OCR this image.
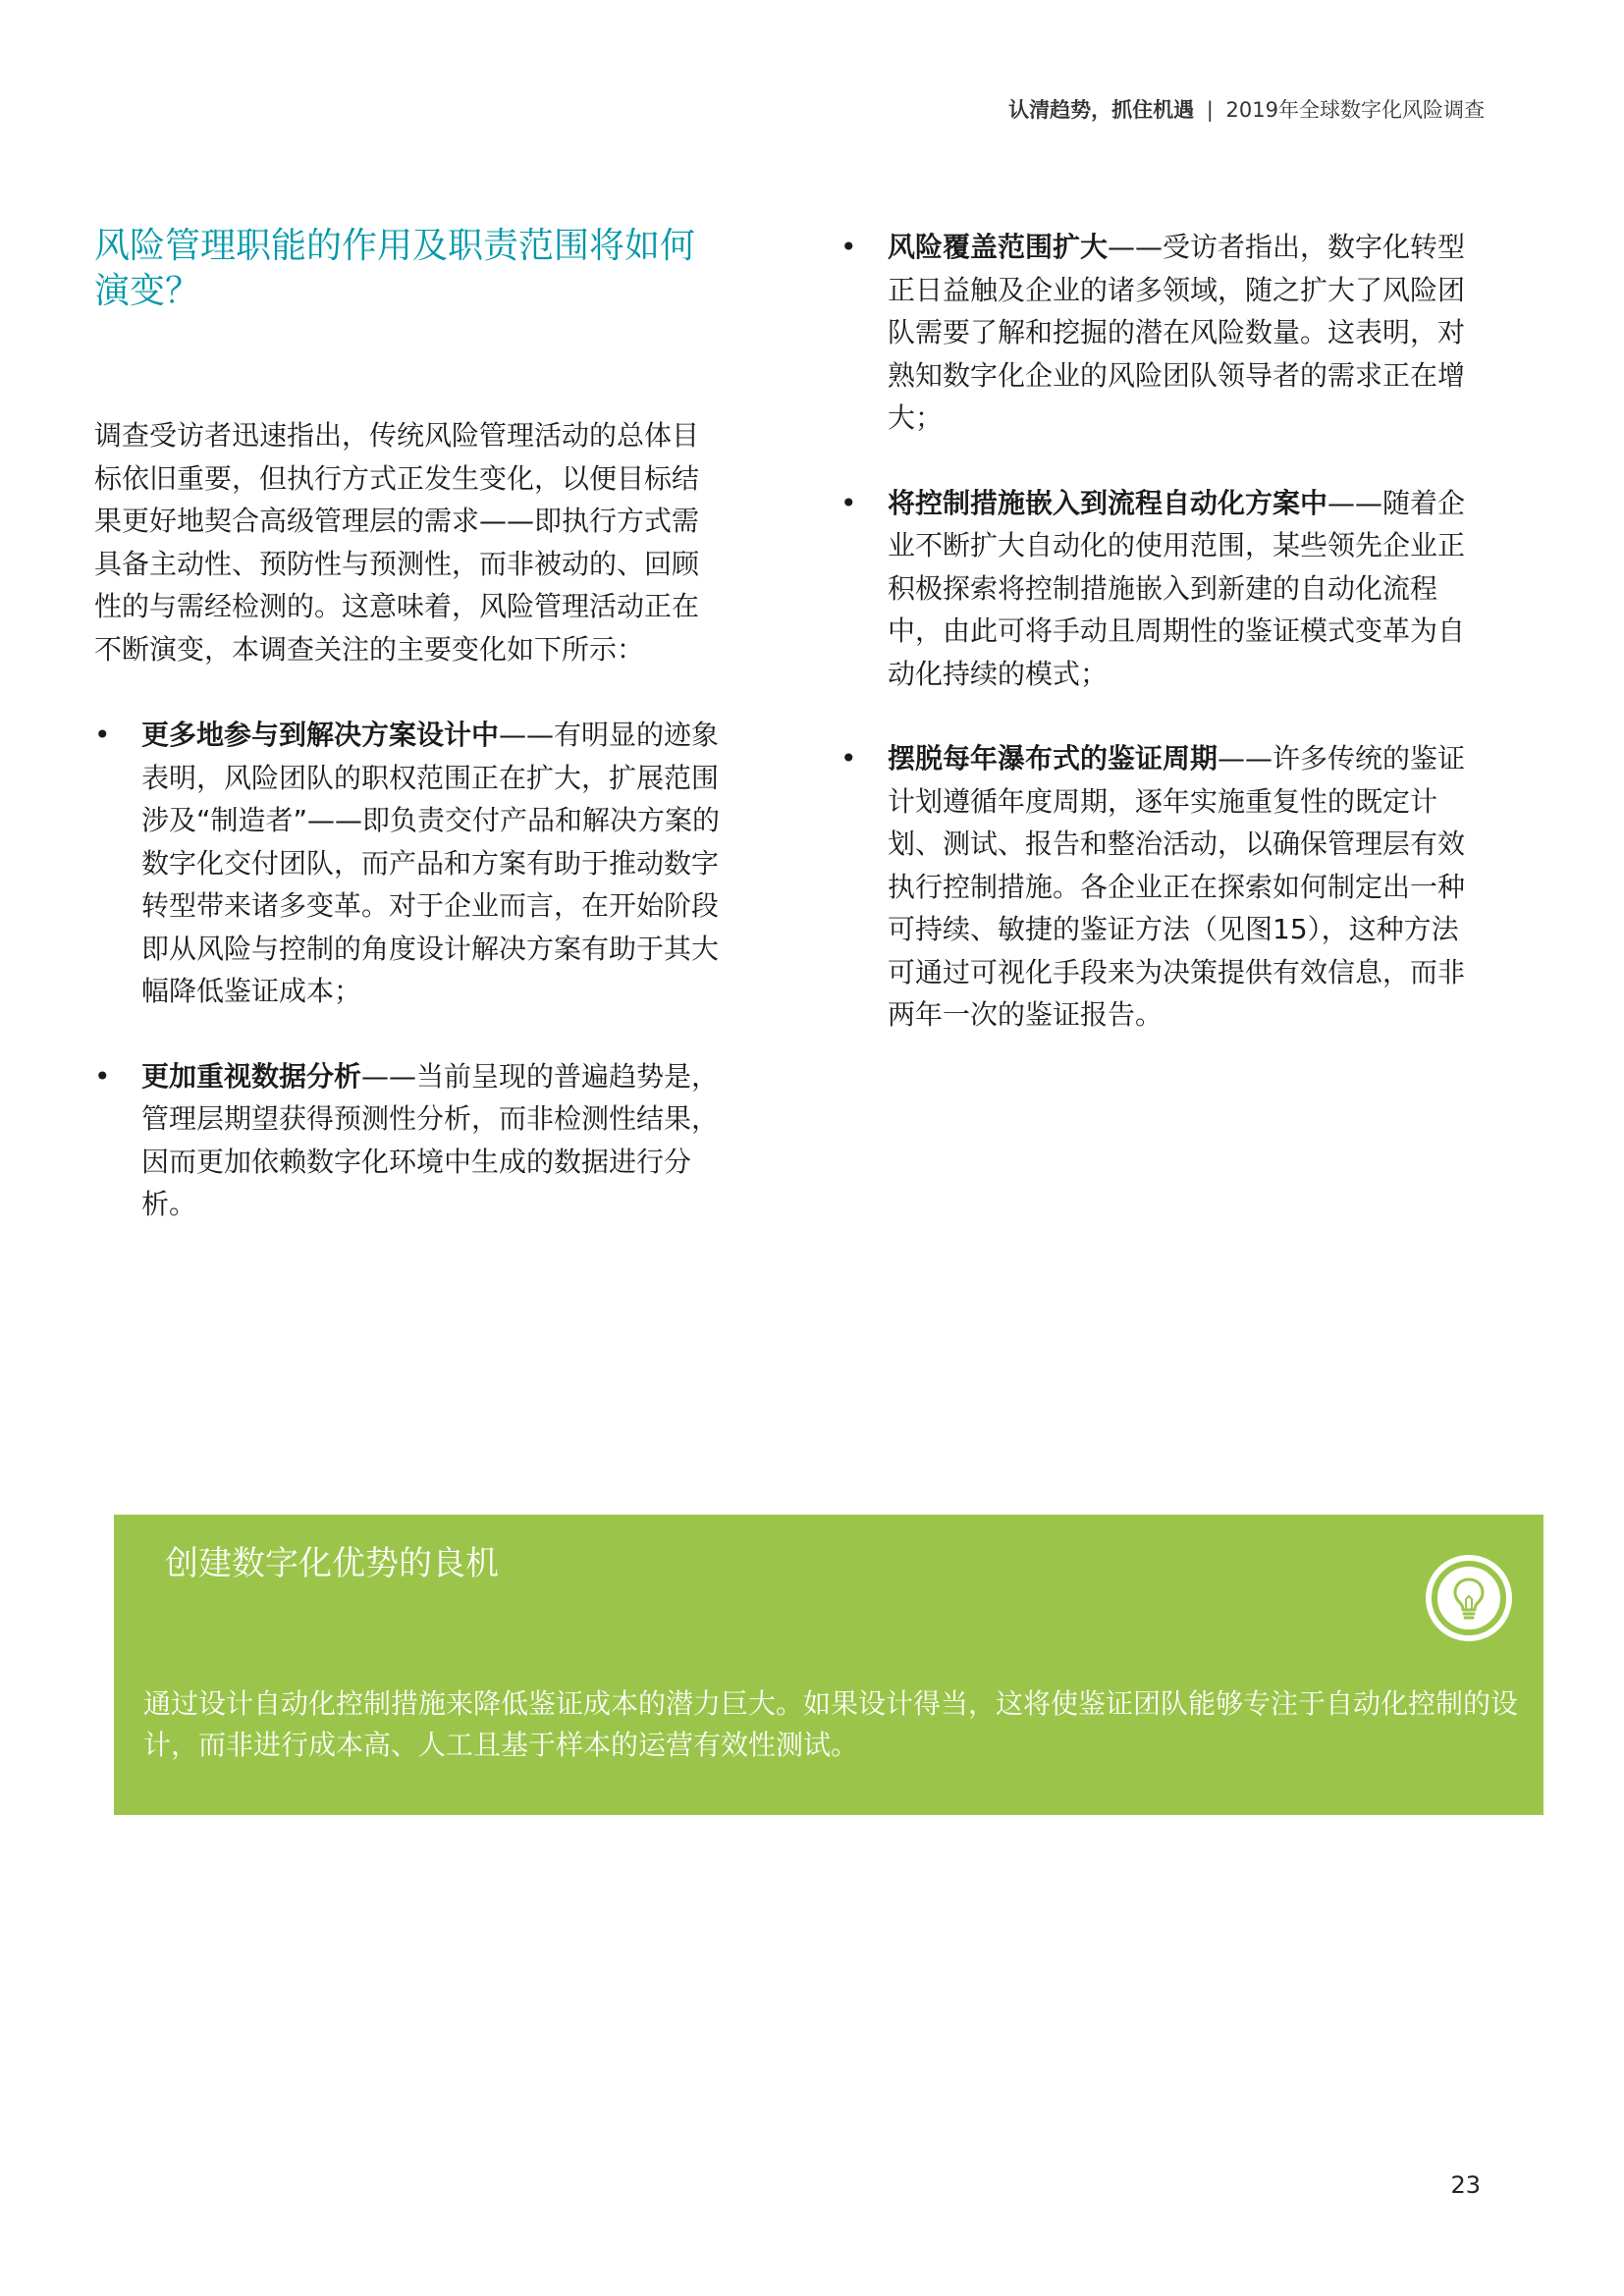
认清趋势，抓住机遇 | 2019年全球数字化风险调查
风险管理职能的作用及职责范围将如何演变？

调查受访者迅速指出，传统风险管理活动的总体目标依旧重要，但执行方式正发生变化，以便目标结果更好地契合高级管理层的需求——即执行方式需具备主动性、预防性与预测性，而非被动的、回顾性的与需经检测的。这意味着，风险管理活动正在不断演变，本调查关注的主要变化如下所示：

• 更多地参与到解决方案设计中——有明显的迹象表明，风险团队的职权范围正在扩大，扩展范围涉及“制造者”——即负责交付产品和解决方案的数字化交付团队，而产品和方案有助于推动数字转型带来诸多变革。对于企业而言，在开始阶段即从风险与控制的角度设计解决方案有助于其大幅降低鉴证成本；
• 更加重视数据分析——当前呈现的普遍趋势是，管理层期望获得预测性分析，而非检测性结果，因而更加依赖数字化环境中生成的数据进行分析。
• 风险覆盖范围扩大——受访者指出，数字化转型正日益触及企业的诸多领域，随之扩大了风险团队需要了解和挖掘的潜在风险数量。这表明，对熟知数字化企业的风险团队领导者的需求正在增大；
• 将控制措施嵌入到流程自动化方案中——随着企业不断扩大自动化的使用范围，某些领先企业正积极探索将控制措施嵌入到新建的自动化流程中，由此可将手动且周期性的鉴证模式变革为自动化持续的模式；
• 摆脱每年瀑布式的鉴证周期——许多传统的鉴证计划遵循年度周期，逐年实施重复性的既定计划、测试、报告和整治活动，以确保管理层有效执行控制措施。各企业正在探索如何制定出一种可持续、敏捷的鉴证方法（见图15），这种方法可通过可视化手段来为决策提供有效信息，而非两年一次的鉴证报告。
创建数字化优势的良机

通过设计自动化控制措施来降低鉴证成本的潜力巨大。如果设计得当，这将使鉴证团队能够专注于自动化控制的设计，而非进行成本高、人工且基于样本的运营有效性测试。

23
